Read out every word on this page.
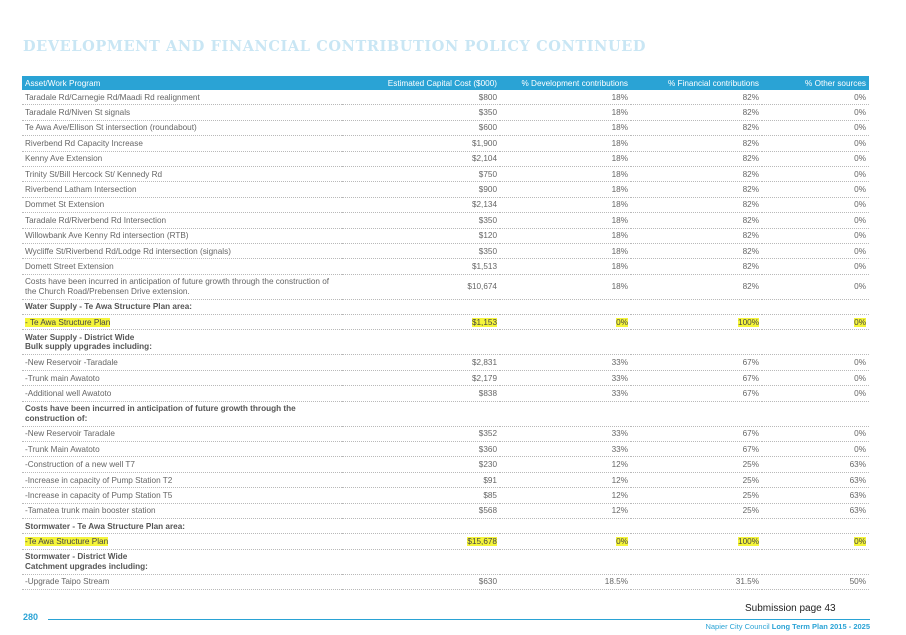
DEVELOPMENT AND FINANCIAL CONTRIBUTION POLICY CONTINUED
Asset/Work Program	Estimated Capital Cost ($000)	% Development contributions	% Financial contributions	% Other sources
Taradale Rd/Carnegie Rd/Maadi Rd realignment	$800	18%	82%	0%
Taradale Rd/Niven St signals	$350	18%	82%	0%
Te Awa Ave/Ellison St intersection (roundabout)	$600	18%	82%	0%
Riverbend Rd Capacity Increase	$1,900	18%	82%	0%
Kenny Ave Extension	$2,104	18%	82%	0%
Trinity St/Bill Hercock St/ Kennedy Rd	$750	18%	82%	0%
Riverbend Latham Intersection	$900	18%	82%	0%
Dommet St Extension	$2,134	18%	82%	0%
Taradale Rd/Riverbend Rd Intersection	$350	18%	82%	0%
Willowbank Ave Kenny Rd intersection (RTB)	$120	18%	82%	0%
Wycliffe St/Riverbend Rd/Lodge Rd intersection (signals)	$350	18%	82%	0%
Domett Street Extension	$1,513	18%	82%	0%
Costs have been incurred in anticipation of future growth through the construction of the Church Road/Prebensen Drive extension.	$10,674	18%	82%	0%
Water Supply - Te Awa Structure Plan area:				
- Te Awa Structure Plan	$1,153	0%	100%	0%
Water Supply - District Wide
Bulk supply upgrades including:				
-New Reservoir -Taradale	$2,831	33%	67%	0%
-Trunk main Awatoto	$2,179	33%	67%	0%
-Additional well Awatoto	$838	33%	67%	0%
Costs have been incurred in anticipation of future growth through the construction of:				
-New Reservoir Taradale	$352	33%	67%	0%
-Trunk Main Awatoto	$360	33%	67%	0%
-Construction of a new well T7	$230	12%	25%	63%
-Increase in capacity of Pump Station T2	$91	12%	25%	63%
-Increase in capacity of Pump Station T5	$85	12%	25%	63%
-Tamatea trunk main booster station	$568	12%	25%	63%
Stormwater - Te Awa Structure Plan area:				
-Te Awa Structure Plan	$15,678	0%	100%	0%
Stormwater - District Wide
Catchment upgrades including:				
-Upgrade Taipo Stream	$630	18.5%	31.5%	50%
Submission page 43
280
Napier City Council Long Term Plan 2015 - 2025
